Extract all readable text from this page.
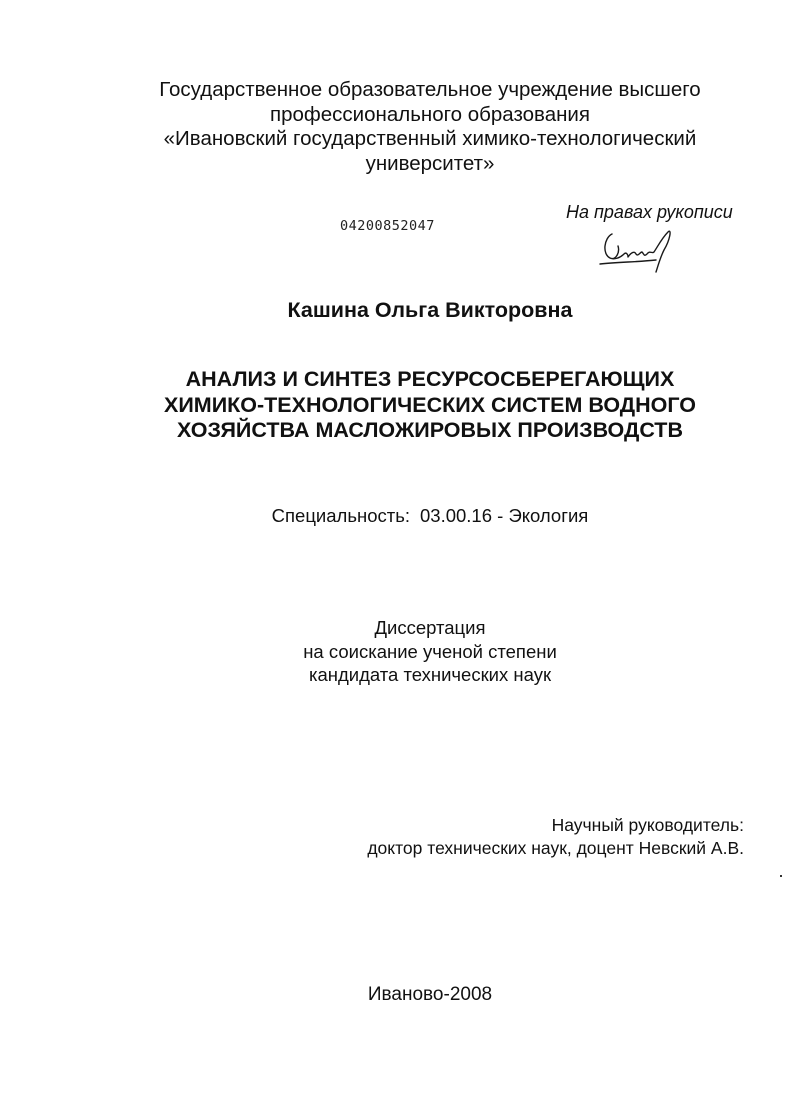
Государственное образовательное учреждение высшего
профессионального образования
«Ивановский государственный химико-технологический
университет»
04200852047
На правах рукописи
Кашина Ольга Викторовна
АНАЛИЗ И СИНТЕЗ РЕСУРСОСБЕРЕГАЮЩИХ
ХИМИКО-ТЕХНОЛОГИЧЕСКИХ СИСТЕМ ВОДНОГО
ХОЗЯЙСТВА МАСЛОЖИРОВЫХ ПРОИЗВОДСТВ
Специальность: 03.00.16 - Экология
Диссертация
на соискание ученой степени
кандидата технических наук
Научный руководитель:
доктор технических наук, доцент Невский А.В.
Иваново-2008
